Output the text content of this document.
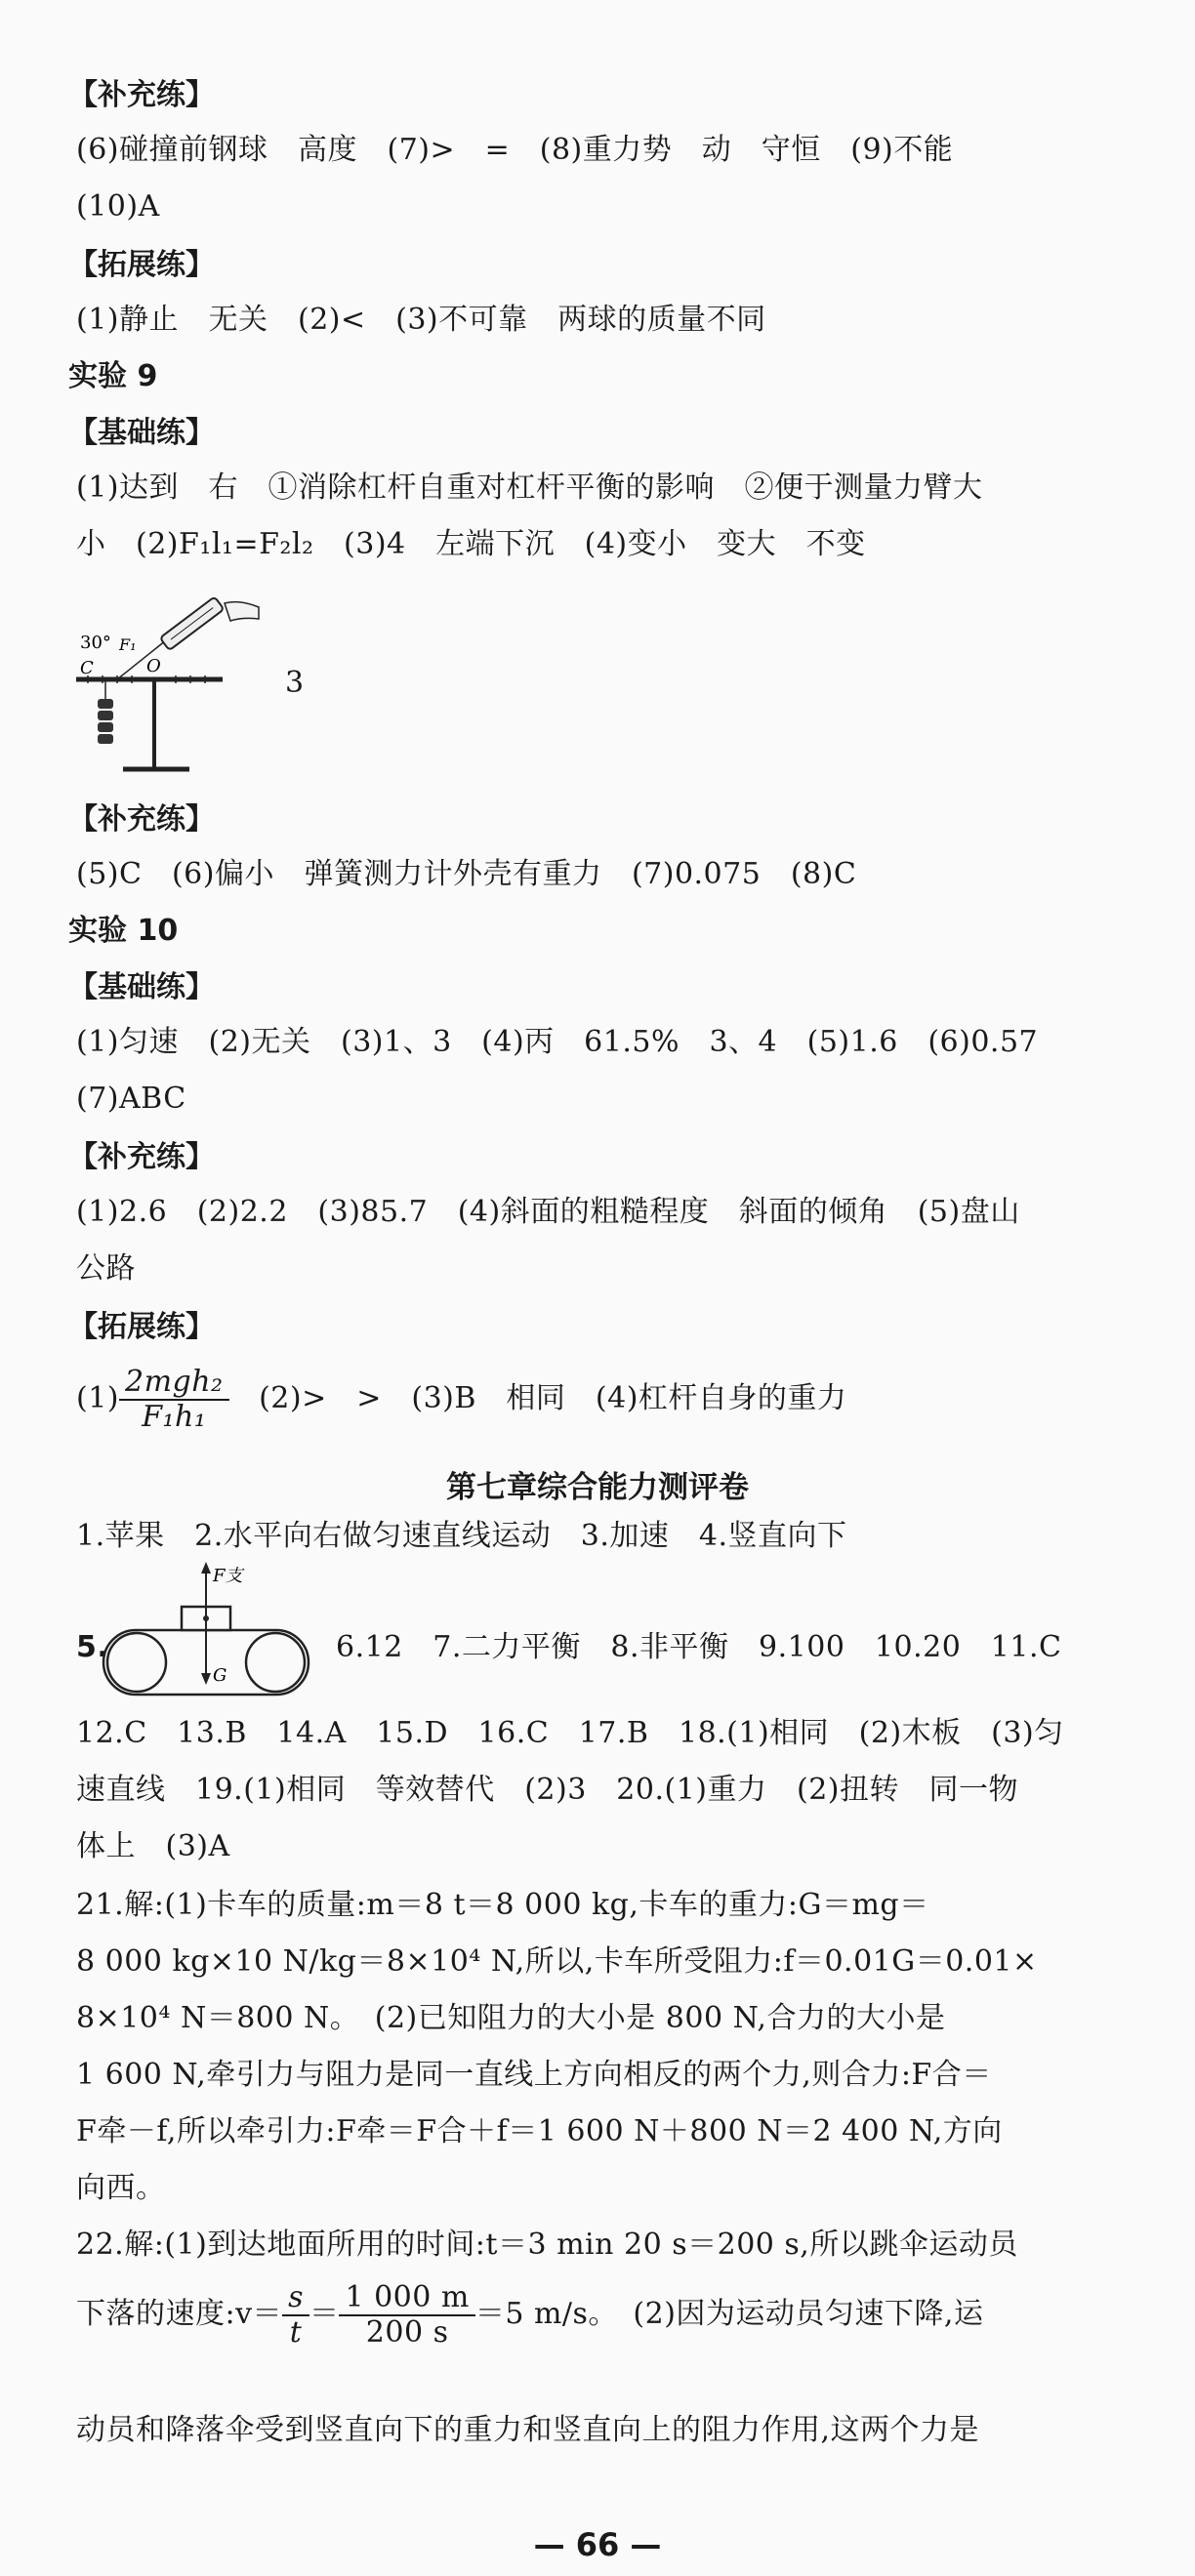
【补充练】
(6)碰撞前钢球　高度　(7)>　=　(8)重力势　动　守恒　(9)不能
(10)A
【拓展练】
(1)静止　无关　(2)<　(3)不可靠　两球的质量不同
实验 9
【基础练】
(1)达到　右　①消除杠杆自重对杠杆平衡的影响　②便于测量力臂大
小　(2)F₁l₁=F₂l₂　(3)4　左端下沉　(4)变小　变大　不变
30° F₁
C	O	3
【补充练】
(5)C　(6)偏小　弹簧测力计外壳有重力　(7)0.075　(8)C
实验 10
【基础练】
(1)匀速　(2)无关　(3)1、3　(4)丙　61.5%　3、4　(5)1.6　(6)0.57
(7)ABC
【补充练】
(1)2.6　(2)2.2　(3)85.7　(4)斜面的粗糙程度　斜面的倾角　(5)盘山
公路
【拓展练】
$(1) \frac{\text{2mgh₂}}{\text{F₁h₁}}$ 　(2)>　>　(3)B　相同　(4)杠杆自身的重力
第七章综合能力测评卷
1.苹果　2.水平向右做匀速直线运动　3.加速　4.竖直向下
5.
F支
G
6.12　7.二力平衡　8.非平衡　9.100　10.20　11.C
12.C　13.B　14.A　15.D　16.C　17.B　18.(1)相同　(2)木板　(3)匀
速直线　19.(1)相同　等效替代　(2)3　20.(1)重力　(2)扭转　同一物
体上　(3)A
21.解:(1)卡车的质量:m＝8 t＝8 000 kg,卡车的重力:G＝mg＝
8 000 kg×10 N/kg＝8×10⁴ N,所以,卡车所受阻力:f＝0.01G＝0.01×
8×10⁴ N＝800 N。　(2)已知阻力的大小是 800 N,合力的大小是
1 600 N,牵引力与阻力是同一直线上方向相反的两个力,则合力:F合＝
F牵－f,所以牵引力:F牵＝F合＋f＝1 600 N＋800 N＝2 400 N,方向
向西。
22.解:(1)到达地面所用的时间:t＝3 min 20 s＝200 s,所以跳伞运动员
下落的速度:v＝ $\frac{s}{t} = \frac{1 000 m}{200 s} =5$ m/s。　(2)因为运动员匀速下降,运
动员和降落伞受到竖直向下的重力和竖直向上的阻力作用,这两个力是
— 66 —
